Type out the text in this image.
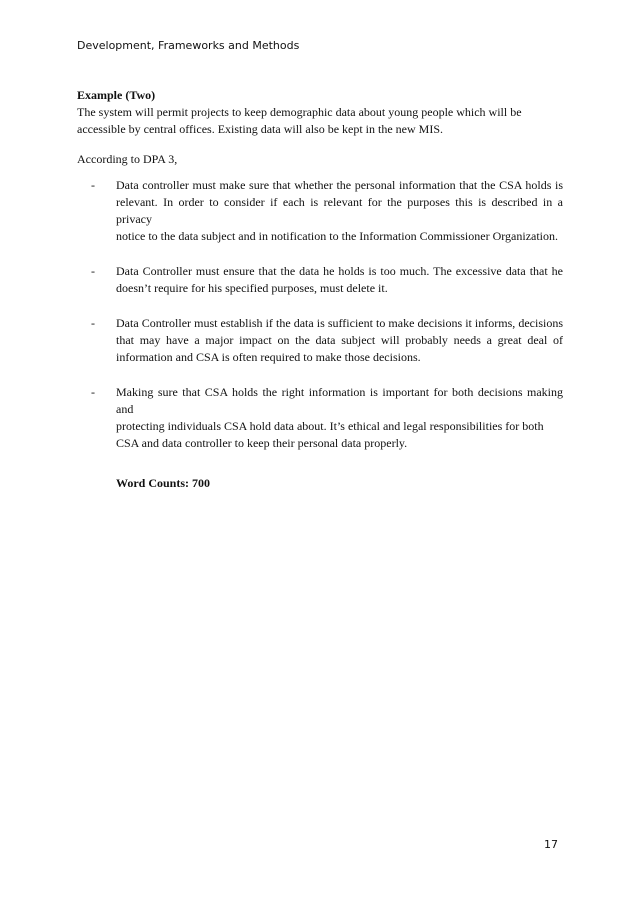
Development, Frameworks and Methods
Example (Two)
The system will permit projects to keep demographic data about young people which will be
accessible by central offices. Existing data will also be kept in the new MIS.
According to DPA 3,
-	Data controller must make sure that whether the personal information that the CSA holds is
relevant. In order to consider if each is relevant for the purposes this is described in a privacy
notice to the data subject and in notification to the Information Commissioner Organization.
-	Data Controller must ensure that the data he holds is too much. The excessive data that he
doesn’t require for his specified purposes, must delete it.
-	Data Controller must establish if the data is sufficient to make decisions it informs, decisions
that may have a major impact on the data subject will probably needs a great deal of
information and CSA is often required to make those decisions.
-	Making sure that CSA holds the right information is important for both decisions making and
protecting individuals CSA hold data about. It’s ethical and legal responsibilities for both
CSA and data controller to keep their personal data properly.
Word Counts: 700
17
